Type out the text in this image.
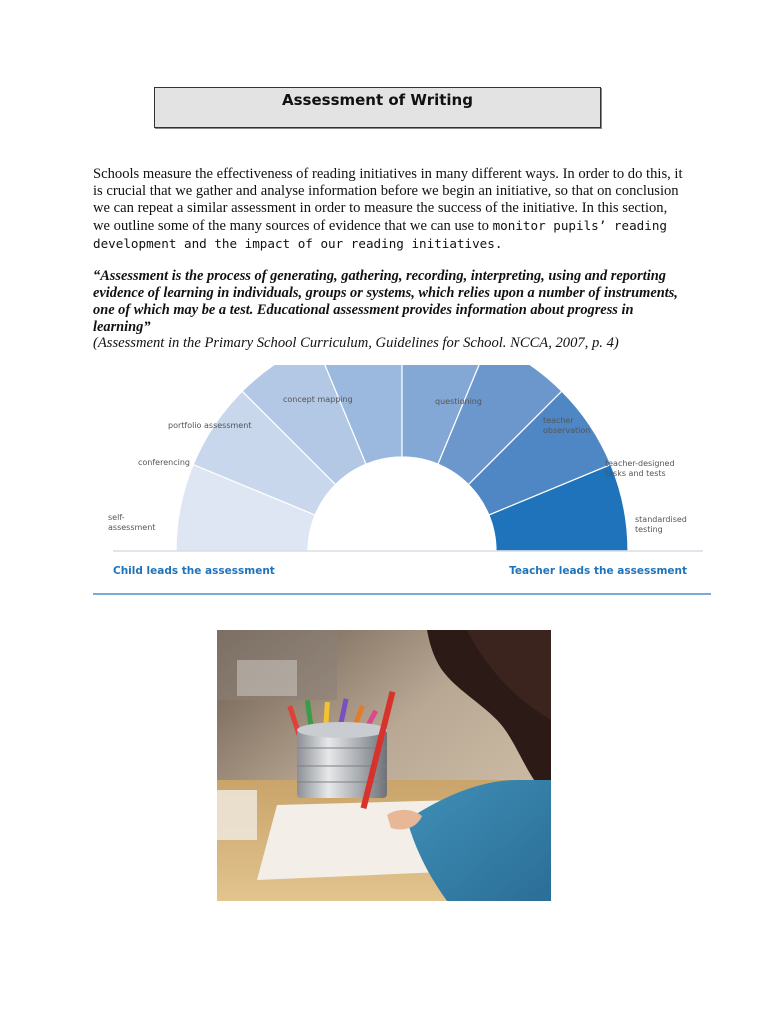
Assessment of Writing

Schools measure the effectiveness of reading initiatives in many different ways. In order to do this, it is crucial that we gather and analyse information before we begin an initiative, so that on conclusion we can repeat a similar assessment in order to measure the success of the initiative. In this section, we outline some of the many sources of evidence that we can use to monitor pupils’ reading development and the impact of our reading initiatives.

“Assessment is the process of generating, gathering, recording, interpreting, using and reporting evidence of learning in individuals, groups or systems, which relies upon a number of instruments, one of which may be a test. Educational assessment provides information about progress in learning”

(Assessment in the Primary School Curriculum, Guidelines for School. NCCA, 2007, p. 4)

self-assessment
conferencing
portfolio assessment
concept mapping	questioning
teacher observation
teacher-designed tasks and tests
standardised testing
Child leads the assessment	Teacher leads the assessment
